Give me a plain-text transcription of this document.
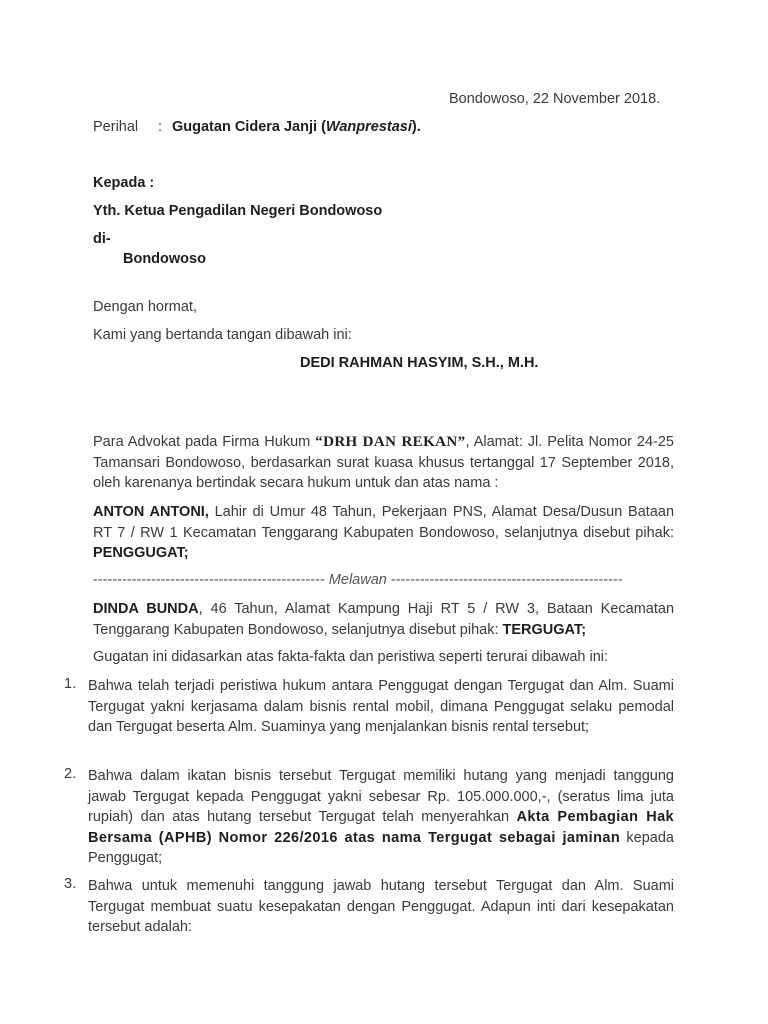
Bondowoso, 22 November 2018.
Perihal : Gugatan Cidera Janji (Wanprestasi).
Kepada :
Yth. Ketua Pengadilan Negeri Bondowoso
di-
Bondowoso
Dengan hormat,
Kami yang bertanda tangan dibawah ini:
DEDI RAHMAN HASYIM, S.H., M.H.
Para Advokat pada Firma Hukum “DRH DAN REKAN”, Alamat: Jl. Pelita Nomor 24-25 Tamansari Bondowoso, berdasarkan surat kuasa khusus tertanggal 17 September 2018, oleh karenanya bertindak secara hukum untuk dan atas nama :
ANTON ANTONI, Lahir di Umur 48 Tahun, Pekerjaan PNS, Alamat Desa/Dusun Bataan RT 7 / RW 1 Kecamatan Tenggarang Kabupaten Bondowoso, selanjutnya disebut pihak: PENGGUGAT;
------------------------------------------------ Melawan ------------------------------------------------
DINDA BUNDA, 46 Tahun, Alamat Kampung Haji RT 5 / RW 3, Bataan Kecamatan Tenggarang Kabupaten Bondowoso, selanjutnya disebut pihak: TERGUGAT;
Gugatan ini didasarkan atas fakta-fakta dan peristiwa seperti terurai dibawah ini:
1. Bahwa telah terjadi peristiwa hukum antara Penggugat dengan Tergugat dan Alm. Suami Tergugat yakni kerjasama dalam bisnis rental mobil, dimana Penggugat selaku pemodal dan Tergugat beserta Alm. Suaminya yang menjalankan bisnis rental tersebut;
2. Bahwa dalam ikatan bisnis tersebut Tergugat memiliki hutang yang menjadi tanggung jawab Tergugat kepada Penggugat yakni sebesar Rp. 105.000.000,-, (seratus lima juta rupiah) dan atas hutang tersebut Tergugat telah menyerahkan Akta Pembagian Hak Bersama (APHB) Nomor 226/2016 atas nama Tergugat sebagai jaminan kepada Penggugat;
3. Bahwa untuk memenuhi tanggung jawab hutang tersebut Tergugat dan Alm. Suami Tergugat membuat suatu kesepakatan dengan Penggugat. Adapun inti dari kesepakatan tersebut adalah:
